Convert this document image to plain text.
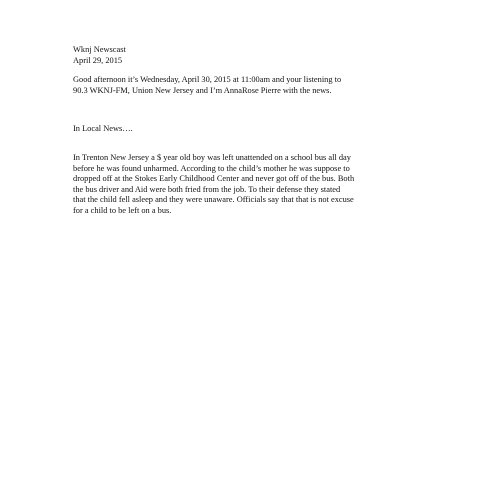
Wknj Newscast
April 29, 2015
Good afternoon it’s Wednesday, April 30, 2015 at 11:00am and your listening to
90.3 WKNJ-FM, Union New Jersey and I’m AnnaRose Pierre with the news.
In Local News….
In Trenton New Jersey a $ year old boy was left unattended on a school bus all day
before he was found unharmed. According to the child’s mother he was suppose to
dropped off at the Stokes Early Childhood Center and never got off of the bus. Both
the bus driver and Aid were both fried from the job. To their defense they stated
that the child fell asleep and they were unaware. Officials say that that is not excuse
for a child to be left on a bus.
